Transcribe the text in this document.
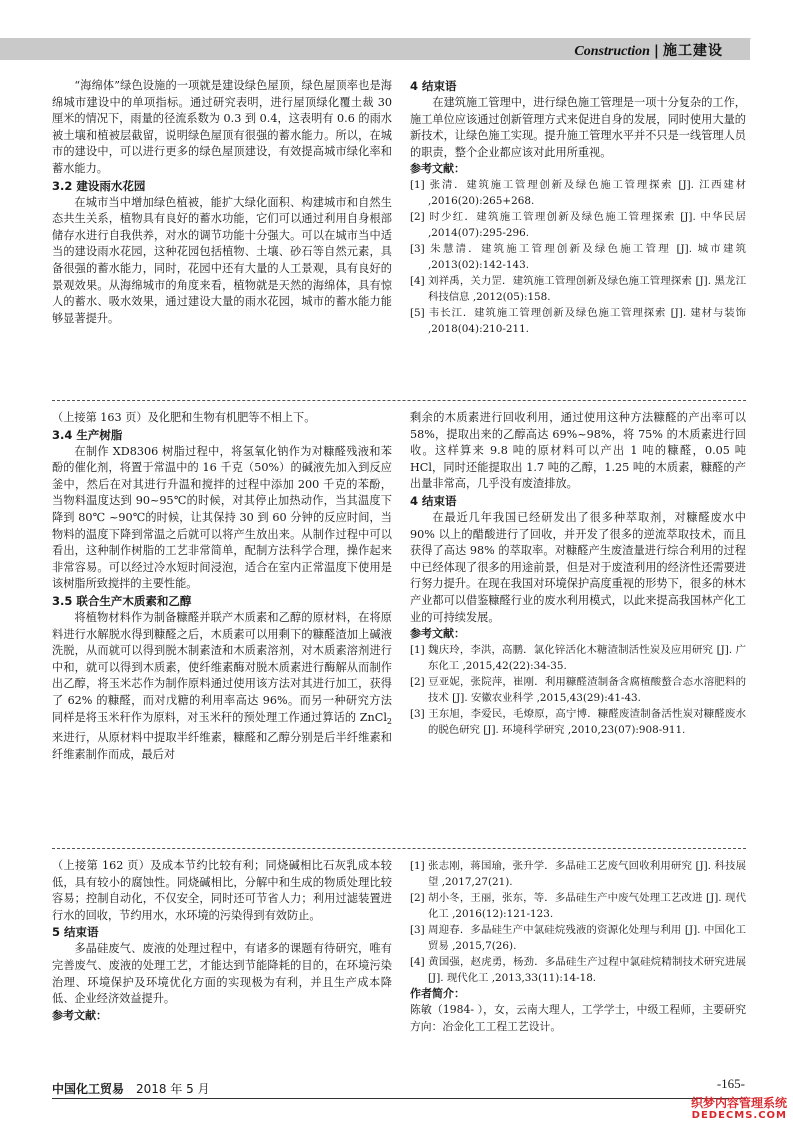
Construction | 施工建设

“海绵体”绿色设施的一项就是建设绿色屋顶，绿色屋顶率也是海绵城市建设中的单项指标。通过研究表明，进行屋顶绿化覆土裁 30 厘米的情况下，雨量的径流系数为 0.3 到 0.4，这表明有 0.6 的雨水被土壤和植被层截留，说明绿色屋顶有很强的蓄水能力。所以，在城市的建设中，可以进行更多的绿色屋顶建设，有效提高城市绿化率和蓄水能力。

3.2 建设雨水花园

在城市当中增加绿色植被，能扩大绿化面积、构建城市和自然生态共生关系，植物具有良好的蓄水功能，它们可以通过利用自身根部储存水进行自我供养，对水的调节功能十分强大。可以在城市当中适当的建设雨水花园，这种花园包括植物、土壤、砂石等自然元素，具备很强的蓄水能力，同时，花园中还有大量的人工景观，具有良好的景观效果。从海绵城市的角度来看，植物就是天然的海绵体，具有惊人的蓄水、吸水效果，通过建设大量的雨水花园，城市的蓄水能力能够显著提升。

4 结束语

在建筑施工管理中，进行绿色施工管理是一项十分复杂的工作，施工单位应该通过创新管理方式来促进自身的发展，同时使用大量的新技术，让绿色施工实现。提升施工管理水平并不只是一线管理人员的职责，整个企业都应该对此用所重视。

参考文献：

[1] 张清．建筑施工管理创新及绿色施工管理探索 [J]. 江西建材 ,2016(20):265+268.

[2] 时少红．建筑施工管理创新及绿色施工管理探索 [J]. 中华民居 ,2014(07):295-296.

[3] 朱慧清．建筑施工管理创新及绿色施工管理 [J]. 城市建筑 ,2013(02):142-143.

[4] 刘祥禹，关力罡．建筑施工管理创新及绿色施工管理探索 [J]. 黑龙江科技信息 ,2012(05):158.

[5] 韦长江．建筑施工管理创新及绿色施工管理探索 [J]. 建材与装饰 ,2018(04):210-211.

（上接第 163 页）及化肥和生物有机肥等不相上下。

3.4 生产树脂

在制作 XD8306 树脂过程中，将氢氧化钠作为对糠醛残液和苯酚的催化剂，将置于常温中的 16 千克（50%）的碱液先加入到反应釜中，然后在对其进行升温和搅拌的过程中添加 200 千克的苯酚，当物料温度达到 90~95℃的时候，对其停止加热动作，当其温度下降到 80℃ ~90℃的时候，让其保持 30 到 60 分钟的反应时间，当物料的温度下降到常温之后就可以将产生放出来。从制作过程中可以看出，这种制作树脂的工艺非常简单，配制方法科学合理，操作起来非常容易。可以经过冷水短时间浸泡，适合在室内正常温度下使用是该树脂所致搅拌的主要性能。

3.5 联合生产木质素和乙醇

将植物材料作为制备糠醛并联产木质素和乙醇的原材料，在将原料进行水解脱水得到糠醛之后，木质素可以用剩下的糠醛渣加上碱液洗脱，从而就可以得到脱木制素渣和木质素溶剂，对木质素溶剂进行中和，就可以得到木质素，使纤维素酶对脱木质素进行酶解从而制作出乙醇，将玉米芯作为制作原料通过使用该方法对其进行加工，获得了 62% 的糠醛，而对戊糖的利用率高达 96%。而另一种研究方法同样是将玉米秆作为原料，对玉米秆的预处理工作通过算话的 ZnCl$_2$ 来进行，从原材料中提取半纤维素，糠醛和乙醇分别是后半纤维素和纤维素制作而成，最后对

剩余的木质素进行回收利用，通过使用这种方法糠醛的产出率可以 58%，提取出来的乙醇高达 69%~98%，将 75% 的木质素进行回收。这样算来 9.8 吨的原材料可以产出 1 吨的糠醛，0.05 吨 HCl，同时还能提取出 1.7 吨的乙醇，1.25 吨的木质素，糠醛的产出量非常高，几乎没有废渣排放。

4 结束语

在最近几年我国已经研发出了很多种萃取剂，对糠醛废水中 90% 以上的醋酸进行了回收，并开发了很多的逆流萃取技术，而且获得了高达 98% 的萃取率。对糠醛产生废渣量进行综合利用的过程中已经体现了很多的用途前景，但是对于废渣利用的经济性还需要进行努力提升。在现在我国对环境保护高度重视的形势下，很多的林木产业都可以借鉴糠醛行业的废水利用模式，以此来提高我国林产化工业的可持续发展。

参考文献：

[1] 魏庆玲，李洪，高鹏．氯化锌活化木糖渣制活性炭及应用研究 [J]. 广东化工 ,2015,42(22):34-35.

[2] 豆亚妮，张院萍，崔刚．利用糠醛渣制备含腐植酸螯合态水溶肥料的技术 [J]. 安徽农业科学 ,2015,43(29):41-43.

[3] 王东旭，李爱民，毛燎原，高宁博．糠醛废渣制备活性炭对糠醛废水的脱色研究 [J]. 环境科学研究 ,2010,23(07):908-911.

（上接第 162 页）及成本节约比较有利；同烧碱相比石灰乳成本较低，具有较小的腐蚀性。同烧碱相比，分解中和生成的物质处理比较容易；控制自动化，不仅安全，同时还可节省人力；利用过滤装置进行水的回收，节约用水，水环境的污染得到有效防止。

5 结束语

多晶硅废气、废液的处理过程中，有诸多的课题有待研究，唯有完善废气、废液的处理工艺，才能达到节能降耗的目的，在环境污染治理、环境保护及环境优化方面的实现极为有利，并且生产成本降低、企业经济效益提升。

参考文献：

[1] 张志刚，蒋国瑜，张升学．多晶硅工艺废气回收利用研究 [J]. 科技展望 ,2017,27(21).

[2] 胡小冬，王丽，张东，等．多晶硅生产中废气处理工艺改进 [J]. 现代化工 ,2016(12):121-123.

[3] 周迎春．多晶硅生产中氯硅烷残液的资源化处理与利用 [J]. 中国化工贸易 ,2015,7(26).

[4] 黄国强，赵虎勇，杨劲．多晶硅生产过程中氯硅烷精制技术研究进展 [J]. 现代化工 ,2013,33(11):14-18.

作者简介：

陈敏（1984- ），女，云南大理人，工学学士，中级工程师，主要研究方向：冶金化工工程工艺设计。

中国化工贸易 2018 年 5 月	-165-
织梦内容管理系统
DEDECMS.COM
